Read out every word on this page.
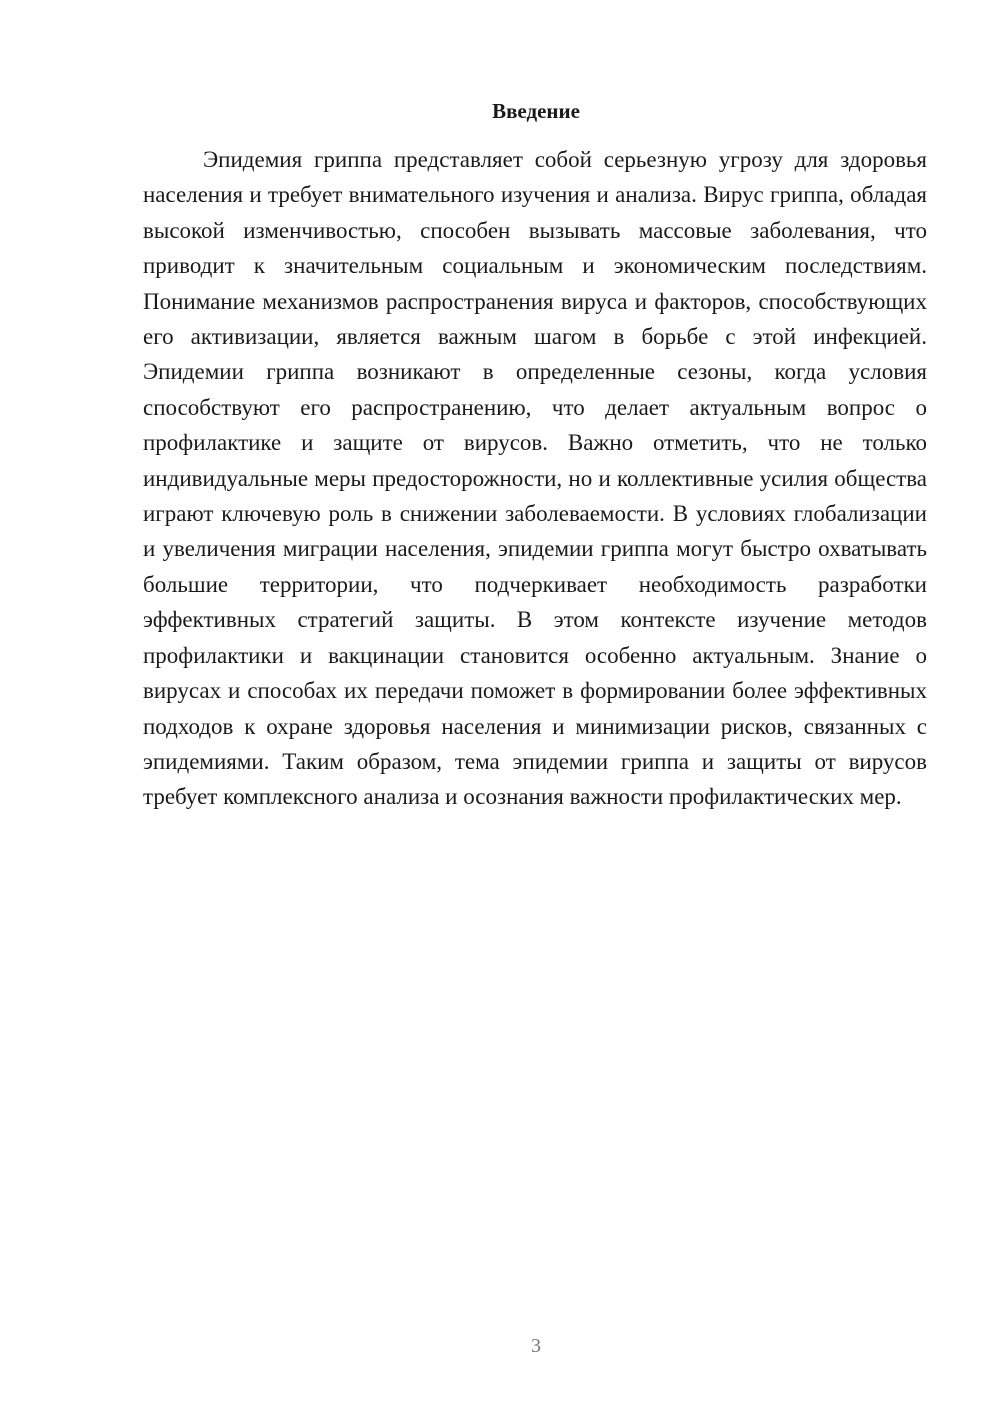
Введение

Эпидемия гриппа представляет собой серьезную угрозу для здоровья населения и требует внимательного изучения и анализа. Вирус гриппа, обладая высокой изменчивостью, способен вызывать массовые заболевания, что приводит к значительным социальным и экономическим последствиям. Понимание механизмов распространения вируса и факторов, способствующих его активизации, является важным шагом в борьбе с этой инфекцией. Эпидемии гриппа возникают в определенные сезоны, когда условия способствуют его распространению, что делает актуальным вопрос о профилактике и защите от вирусов. Важно отметить, что не только индивидуальные меры предосторожности, но и коллективные усилия общества играют ключевую роль в снижении заболеваемости. В условиях глобализации и увеличения миграции населения, эпидемии гриппа могут быстро охватывать большие территории, что подчеркивает необходимость разработки эффективных стратегий защиты. В этом контексте изучение методов профилактики и вакцинации становится особенно актуальным. Знание о вирусах и способах их передачи поможет в формировании более эффективных подходов к охране здоровья населения и минимизации рисков, связанных с эпидемиями. Таким образом, тема эпидемии гриппа и защиты от вирусов требует комплексного анализа и осознания важности профилактических мер.

3
